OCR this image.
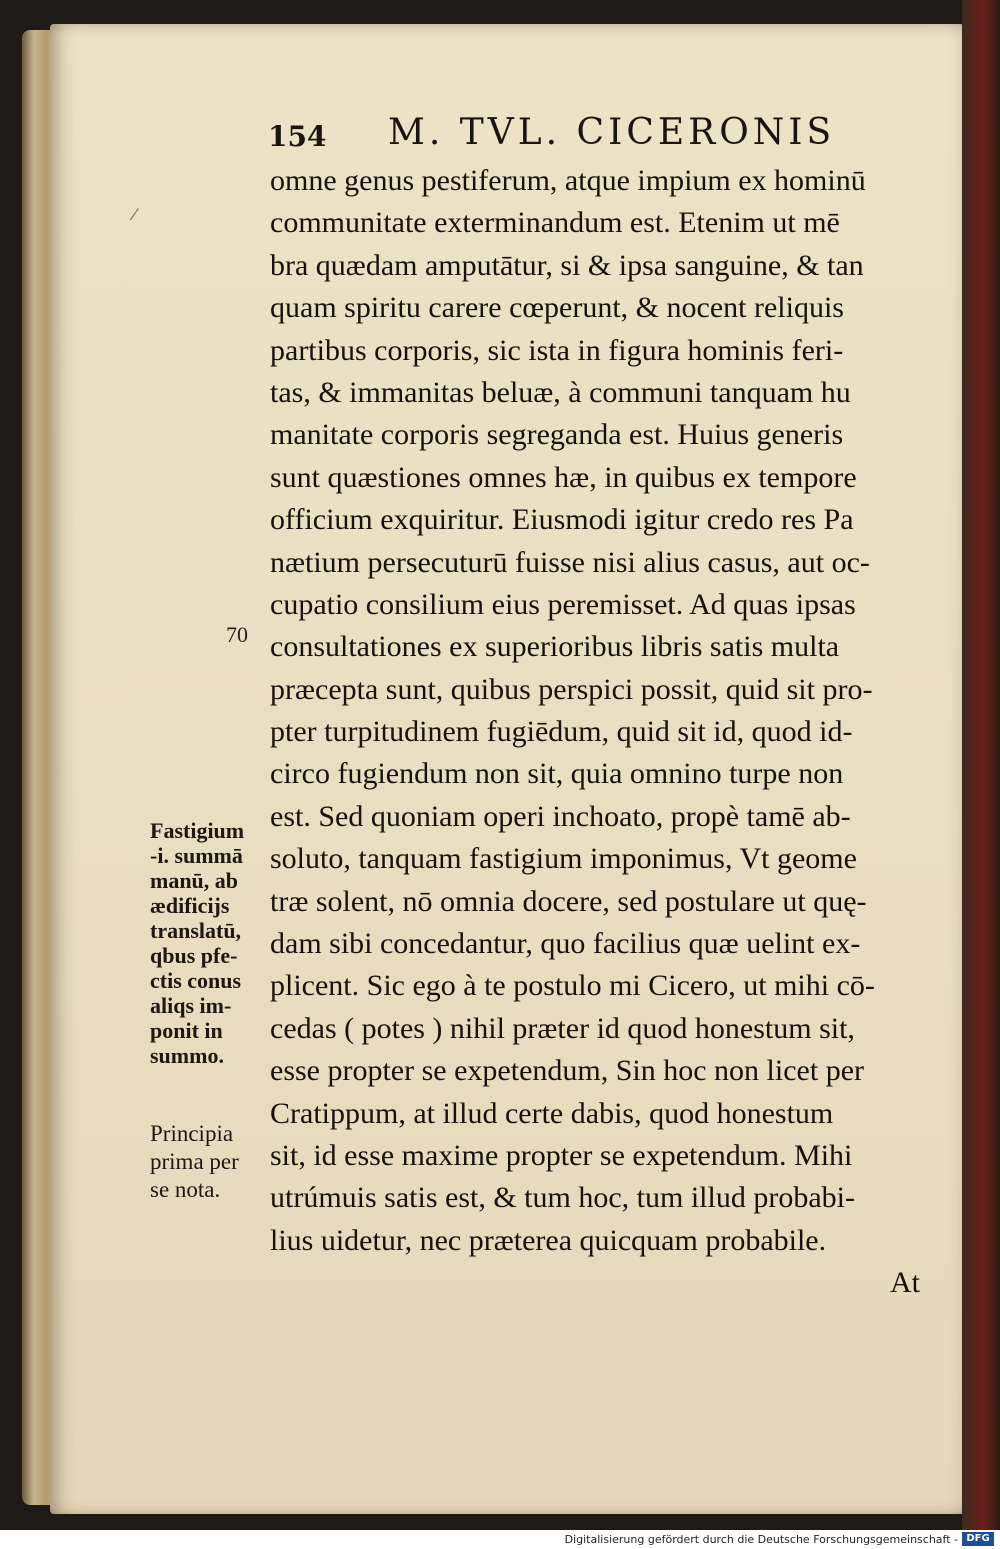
154 M. TVL. CICERONIS
omne genus pestiferum, atque impium ex hominū
communitate exterminandum est. Etenim ut mē
bra quædam amputātur, si & ipsa sanguine, & tan
quam spiritu carere cœperunt, & nocent reliquis
partibus corporis, sic ista in figura hominis feri-
tas, & immanitas beluæ, à communi tanquam hu
manitate corporis segreganda est. Huius generis
sunt quæstiones omnes hæ, in quibus ex tempore
officium exquiritur. Eiusmodi igitur credo res Pa
nætium persecuturū fuisse nisi alius casus, aut oc-
cupatio consilium eius peremisset. Ad quas ipsas
consultationes ex superioribus libris satis multa
præcepta sunt, quibus perspici possit, quid sit pro-
pter turpitudinem fugiēdum, quid sit id, quod id-
circo fugiendum non sit, quia omnino turpe non
est. Sed quoniam operi inchoato, propè tamē ab-
soluto, tanquam fastigium imponimus, Vt geome
træ solent, nō omnia docere, sed postulare ut quę-
dam sibi concedantur, quo facilius quæ uelint ex-
plicent. Sic ego à te postulo mi Cicero, ut mihi cō-
cedas ( potes ) nihil præter id quod honestum sit,
esse propter se expetendum, Sin hoc non licet per
Cratippum, at illud certe dabis, quod honestum
sit, id esse maxime propter se expetendum. Mihi
utrúmuis satis est, & tum hoc, tum illud probabi-
lius uidetur, nec præterea quicquam probabile.
At
70
Fastigium
-i. summā
manū, ab
ædificijs
translatū,
qbus pfe-
ctis conus
aliqs im-
ponit in
summo.
Principia
prima per
se nota.
Digitalisierung gefördert durch die Deutsche Forschungsgemeinschaft - DFG
